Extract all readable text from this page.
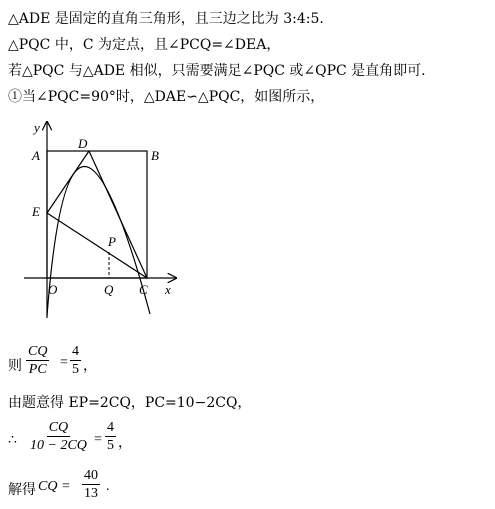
△ADE 是固定的直角三角形，且三边之比为 3:4:5.
△PQC 中，C 为定点，且∠PCQ=∠DEA，
若△PQC 与△ADE 相似，只需要满足∠PQC 或∠QPC 是直角即可.
①当∠PQC=90°时，△DAE∽△PQC，如图所示，
y
A	B
D
E
P
O	Q C x
则 $\frac{CQ}{PC} = \frac{4}{5}$ ，
由题意得 EP=2CQ，PC=10−2CQ，
∴ $\frac{CQ}{10 - 2CQ} = \frac{4}{5}$ ，
解得 CQ = $\frac{40}{13}$ .
